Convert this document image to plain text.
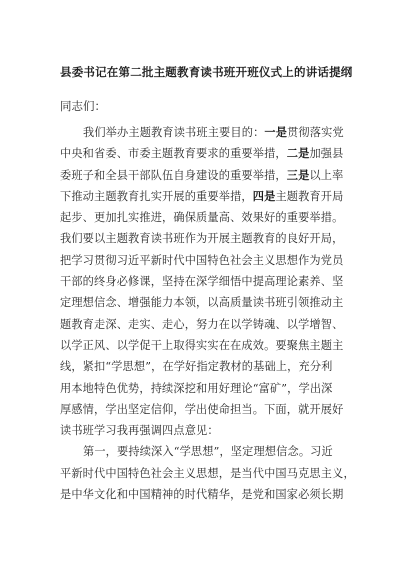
县委书记在第二批主题教育读书班开班仪式上的讲话提纲
同志们：
我们举办主题教育读书班主要目的：一是贯彻落实党
中央和省委、市委主题教育要求的重要举措，二是加强县
委班子和全县干部队伍自身建设的重要举措，三是以上率
下推动主题教育扎实开展的重要举措，四是主题教育开局
起步、更加扎实推进，确保质量高、效果好的重要举措。
我们要以主题教育读书班作为开展主题教育的良好开局，
把学习贯彻习近平新时代中国特色社会主义思想作为党员
干部的终身必修课，坚持在深学细悟中提高理论素养、坚
定理想信念、增强能力本领，以高质量读书班引领推动主
题教育走深、走实、走心，努力在以学铸魂、以学增智、
以学正风、以学促干上取得实实在在成效。要聚焦主题主
线，紧扣“学思想”，在学好指定教材的基础上，充分利
用本地特色优势，持续深挖和用好理论“富矿”，学出深
厚感情，学出坚定信仰，学出使命担当。下面，就开展好
读书班学习我再强调四点意见：
第一，要持续深入“学思想”，坚定理想信念。习近
平新时代中国特色社会主义思想，是当代中国马克思主义，
是中华文化和中国精神的时代精华，是党和国家必须长期
